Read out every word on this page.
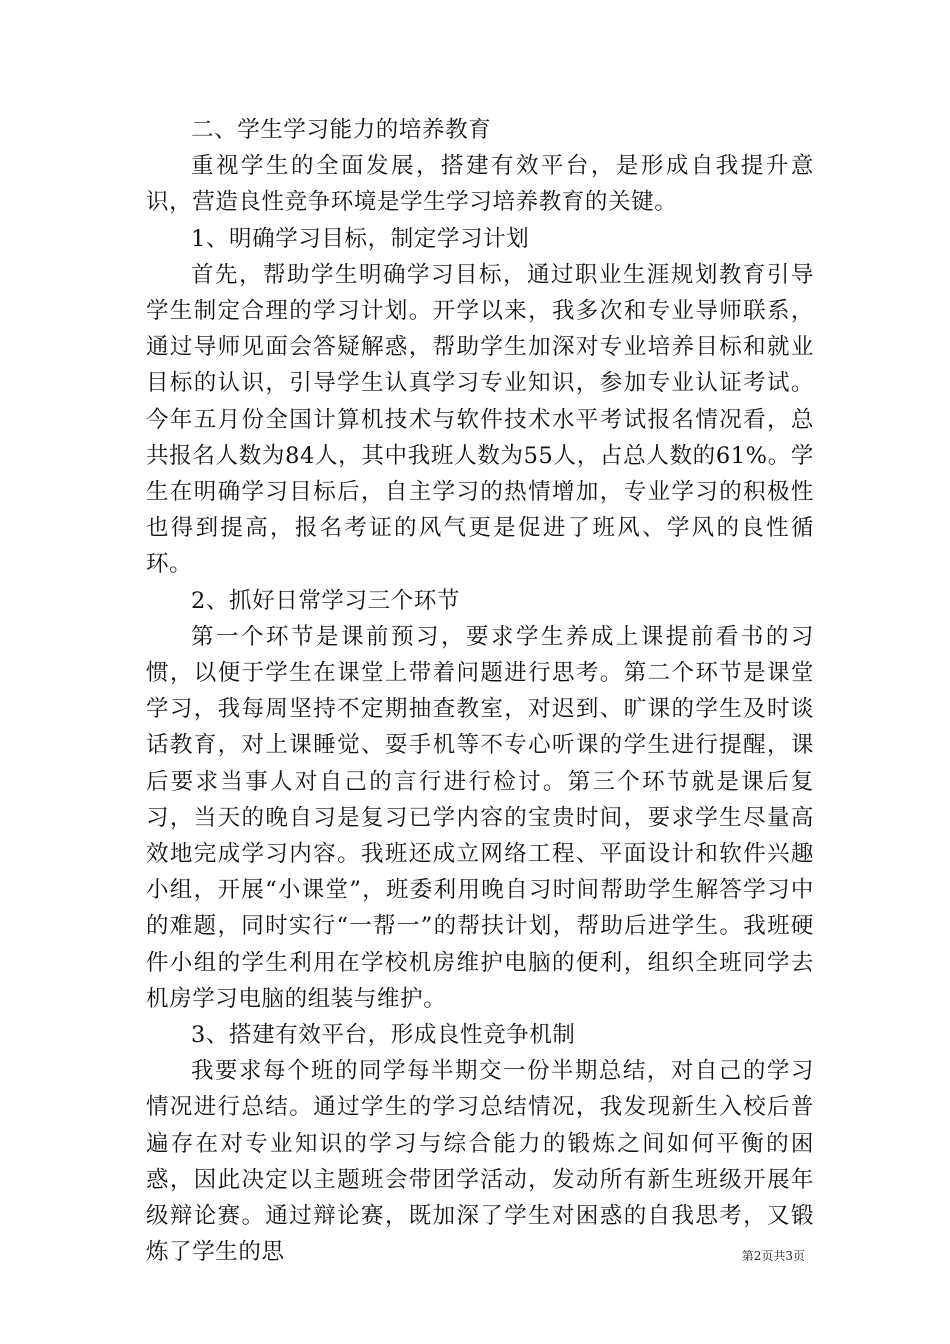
二、学生学习能力的培养教育

重视学生的全面发展，搭建有效平台，是形成自我提升意识，营造良性竞争环境是学生学习培养教育的关键。

1、明确学习目标，制定学习计划

首先，帮助学生明确学习目标，通过职业生涯规划教育引导学生制定合理的学习计划。开学以来，我多次和专业导师联系，通过导师见面会答疑解惑，帮助学生加深对专业培养目标和就业目标的认识，引导学生认真学习专业知识，参加专业认证考试。今年五月份全国计算机技术与软件技术水平考试报名情况看，总共报名人数为84人，其中我班人数为55人，占总人数的61%。学生在明确学习目标后，自主学习的热情增加，专业学习的积极性也得到提高，报名考证的风气更是促进了班风、学风的良性循环。

2、抓好日常学习三个环节

第一个环节是课前预习，要求学生养成上课提前看书的习惯，以便于学生在课堂上带着问题进行思考。第二个环节是课堂学习，我每周坚持不定期抽查教室，对迟到、旷课的学生及时谈话教育，对上课睡觉、耍手机等不专心听课的学生进行提醒，课后要求当事人对自己的言行进行检讨。第三个环节就是课后复习，当天的晚自习是复习已学内容的宝贵时间，要求学生尽量高效地完成学习内容。我班还成立网络工程、平面设计和软件兴趣小组，开展“小课堂”，班委利用晚自习时间帮助学生解答学习中的难题，同时实行“一帮一”的帮扶计划，帮助后进学生。我班硬件小组的学生利用在学校机房维护电脑的便利，组织全班同学去机房学习电脑的组装与维护。

3、搭建有效平台，形成良性竞争机制

我要求每个班的同学每半期交一份半期总结，对自己的学习情况进行总结。通过学生的学习总结情况，我发现新生入校后普遍存在对专业知识的学习与综合能力的锻炼之间如何平衡的困惑，因此决定以主题班会带团学活动，发动所有新生班级开展年级辩论赛。通过辩论赛，既加深了学生对困惑的自我思考，又锻炼了学生的思	第2页共3页
